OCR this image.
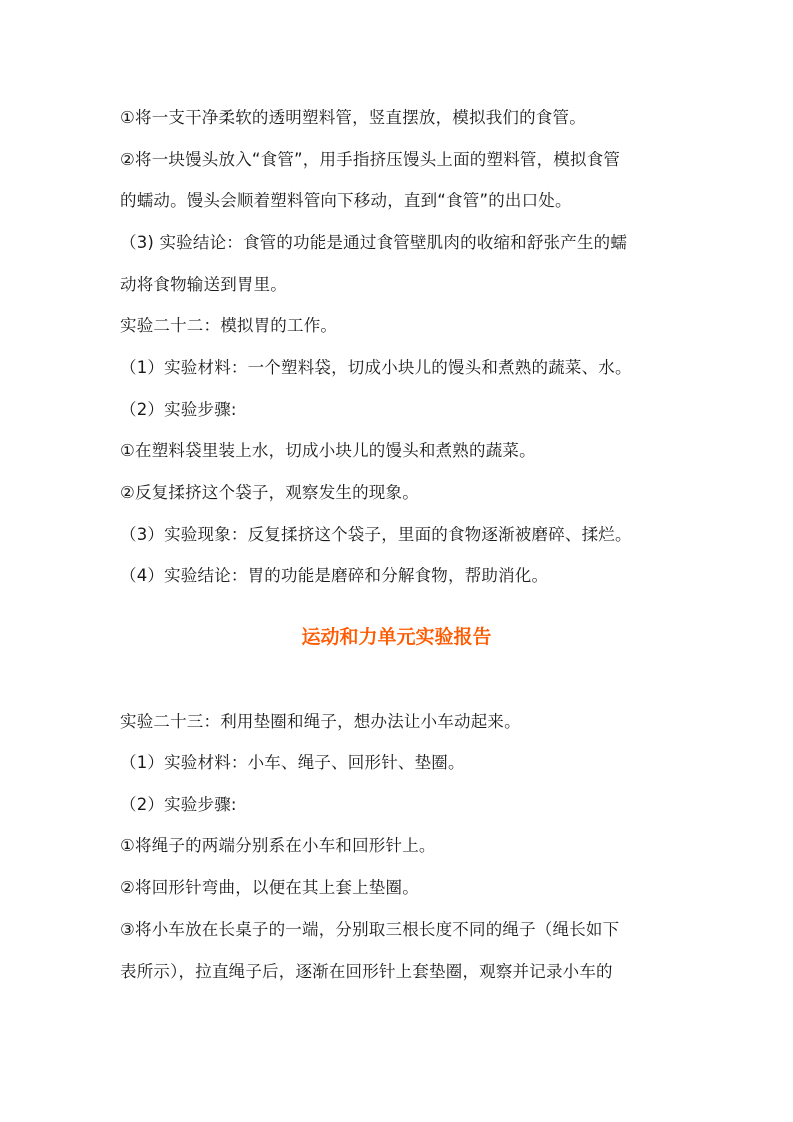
①将一支干净柔软的透明塑料管，竖直摆放，模拟我们的食管。
②将一块馒头放入“食管”，用手指挤压馒头上面的塑料管，模拟食管
的蠕动。馒头会顺着塑料管向下移动，直到“食管”的出口处。
（3) 实验结论：食管的功能是通过食管壁肌肉的收缩和舒张产生的蠕
动将食物输送到胃里。
实验二十二：模拟胃的工作。
（1）实验材料：一个塑料袋，切成小块儿的馒头和煮熟的蔬菜、水。
（2）实验步骤:
①在塑料袋里装上水，切成小块儿的馒头和煮熟的蔬菜。
②反复揉挤这个袋子，观察发生的现象。
（3）实验现象：反复揉挤这个袋子，里面的食物逐渐被磨碎、揉烂。
（4）实验结论：胃的功能是磨碎和分解食物，帮助消化。
运动和力单元实验报告
实验二十三：利用垫圈和绳子，想办法让小车动起来。
（1）实验材料：小车、绳子、回形针、垫圈。
（2）实验步骤:
①将绳子的两端分别系在小车和回形针上。
②将回形针弯曲，以便在其上套上垫圈。
③将小车放在长桌子的一端，分别取三根长度不同的绳子（绳长如下
表所示），拉直绳子后，逐渐在回形针上套垫圈，观察并记录小车的
